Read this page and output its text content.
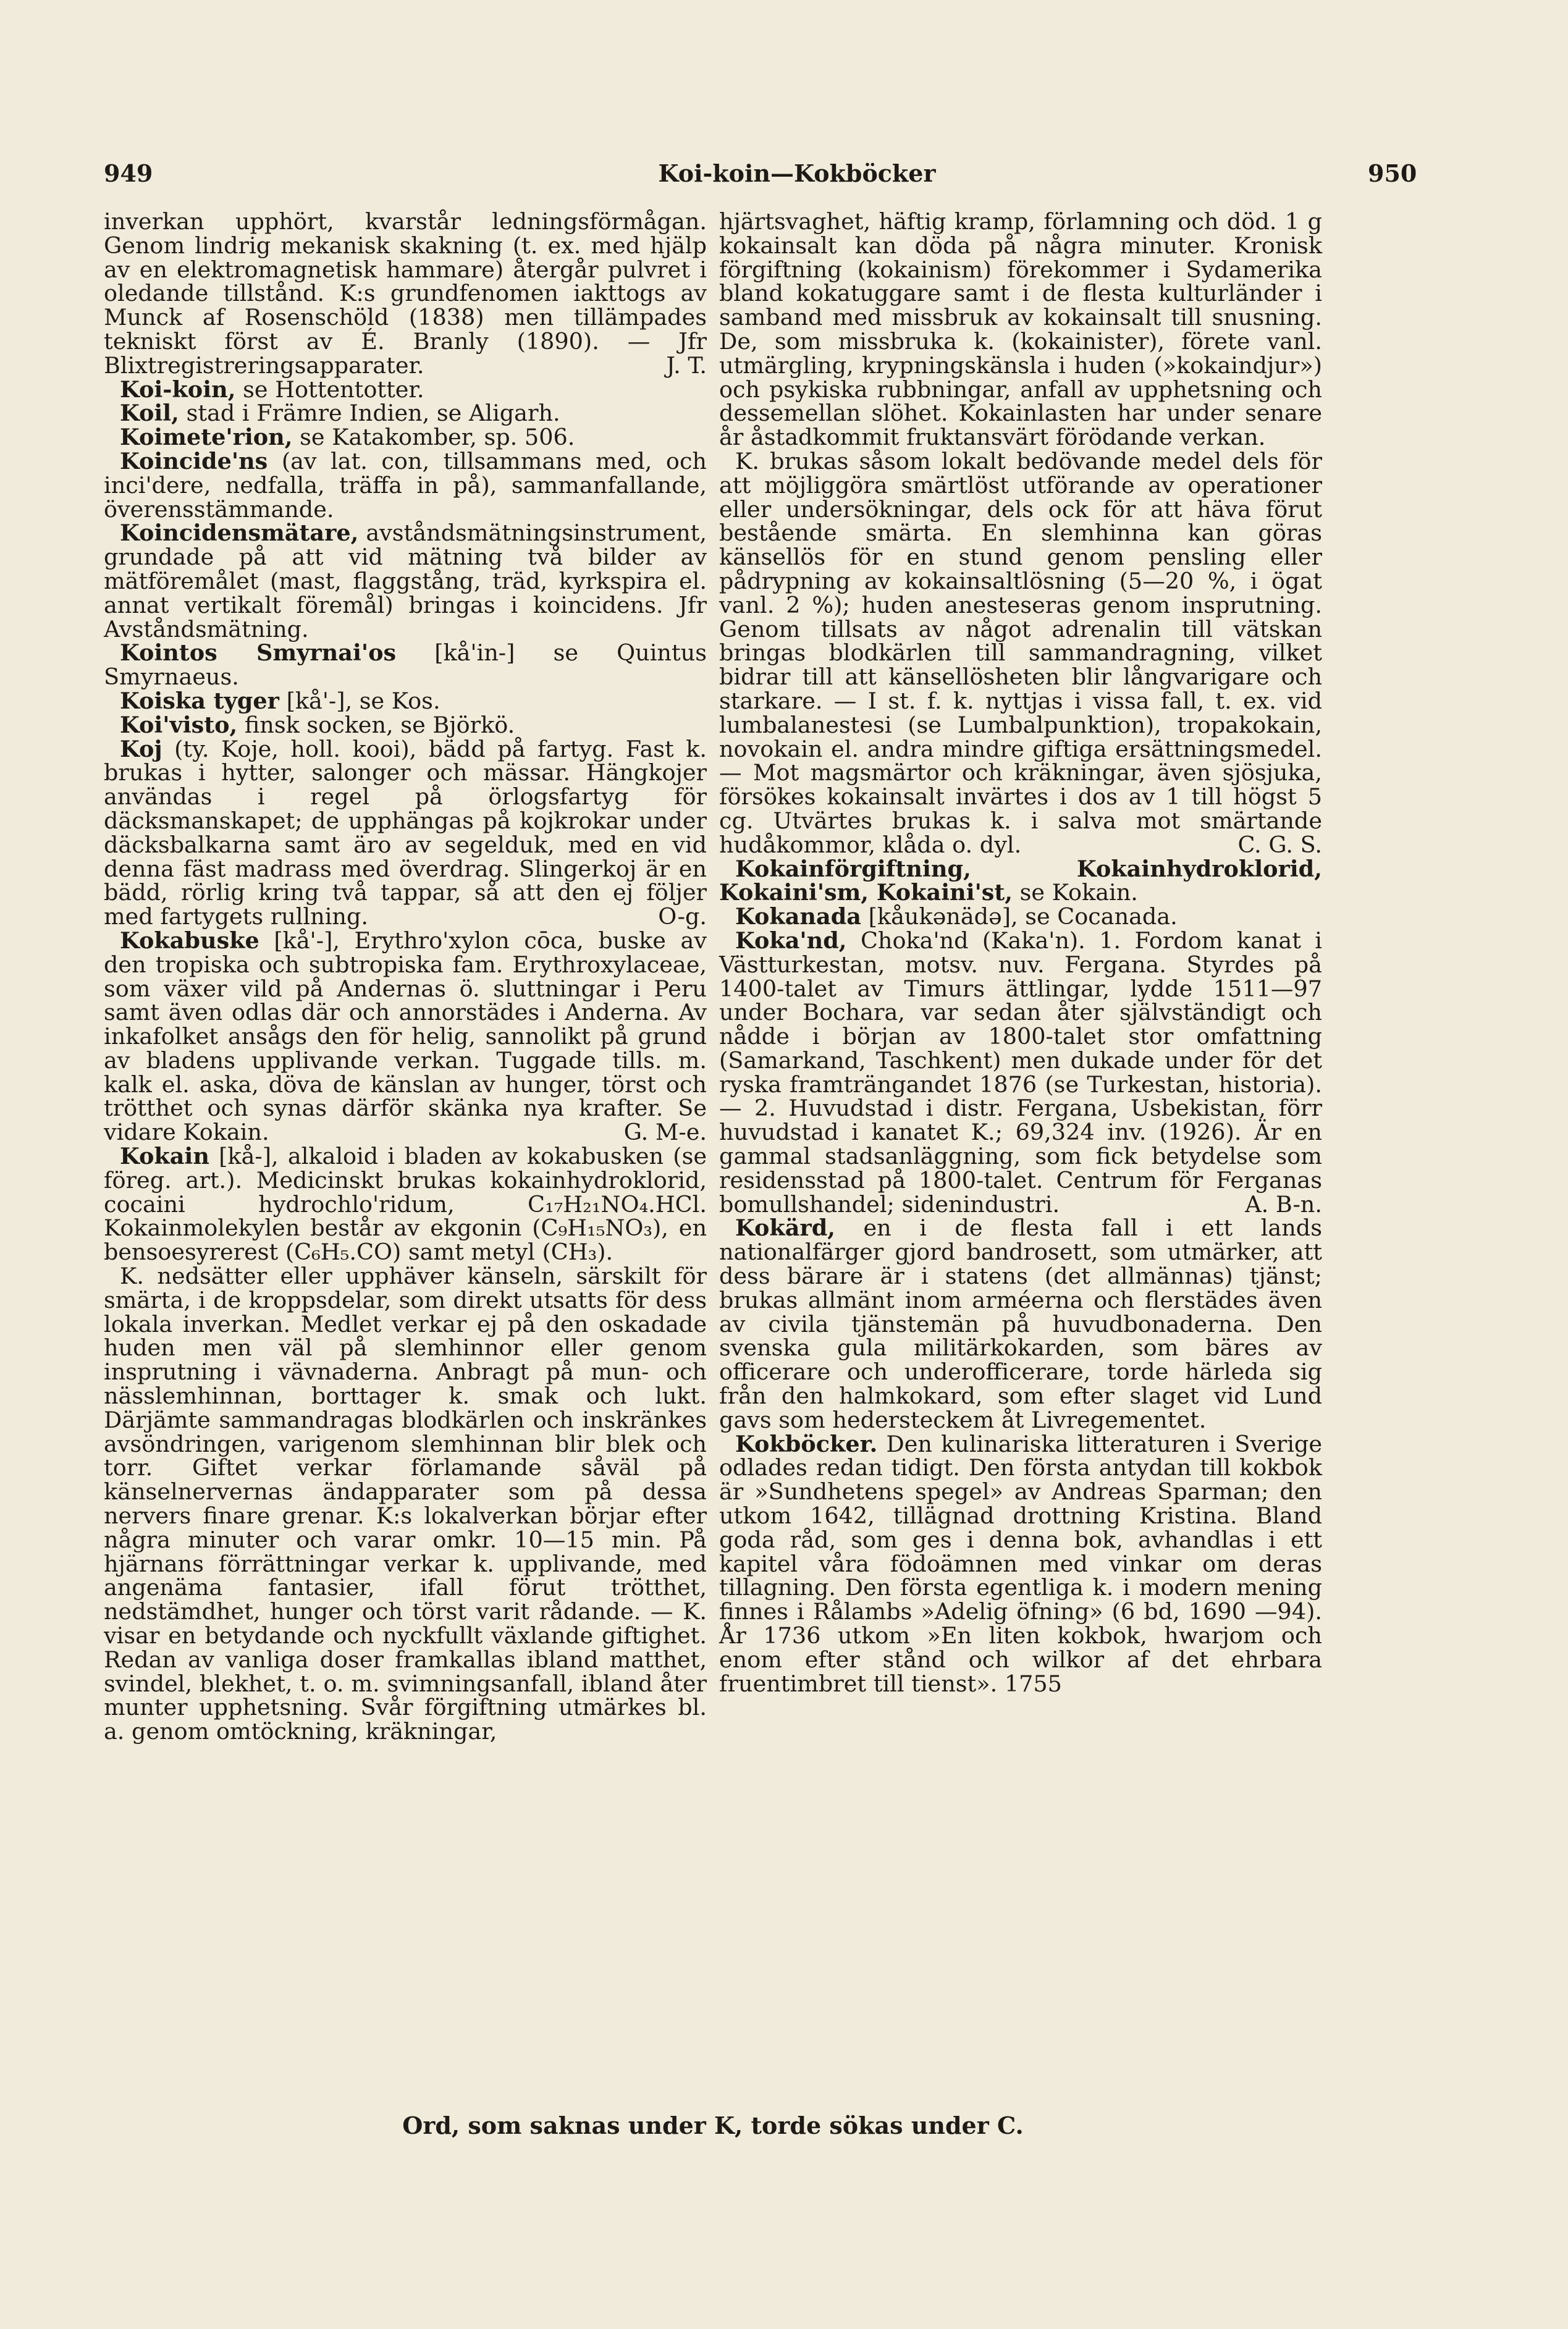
949	Koi-koin—Kokböcker	950

inverkan upphört, kvarstår ledningsförmågan. Genom lindrig mekanisk skakning (t. ex. med hjälp av en elektromagnetisk hammare) återgår pulvret i oledande tillstånd. K:s grundfenomen iakttogs av Munck af Rosenschöld (1838) men tillämpades tekniskt först av É. Branly (1890). — Jfr Blixtregistreringsapparater.	J. T.

Koi-koin, se Hottentotter.

Koil, stad i Främre Indien, se Aligarh.

Koimete'rion, se Katakomber, sp. 506.

Koincide'ns (av lat. con, tillsammans med, och inci'dere, nedfalla, träffa in på), sammanfallande, överensstämmande.

Koincidensmätare, avståndsmätningsinstrument, grundade på att vid mätning två bilder av mätföremålet (mast, flaggstång, träd, kyrkspira el. annat vertikalt föremål) bringas i koincidens. Jfr Avståndsmätning.

Kointos Smyrnai'os [kå'in-] se Quintus Smyrnaeus.

Koiska tyger [kå'-], se Kos.

Koi'visto, finsk socken, se Björkö.

Koj (ty. Koje, holl. kooi), bädd på fartyg. Fast k. brukas i hytter, salonger och mässar. Hängkojer användas i regel på örlogsfartyg för däcksmanskapet; de upphängas på kojkrokar under däcksbalkarna samt äro av segelduk, med en vid denna fäst madrass med överdrag. Slingerkoj är en bädd, rörlig kring två tappar, så att den ej följer med fartygets rullning.	O-g.

Kokabuske [kå'-], Erythro'xylon cōca, buske av den tropiska och subtropiska fam. Erythroxylaceae, som växer vild på Andernas ö. sluttningar i Peru samt även odlas där och annorstädes i Anderna. Av inkafolket ansågs den för helig, sannolikt på grund av bladens upplivande verkan. Tuggade tills. m. kalk el. aska, döva de känslan av hunger, törst och trötthet och synas därför skänka nya krafter. Se vidare Kokain.	G. M-e.

Kokain [kå-], alkaloid i bladen av kokabusken (se föreg. art.). Medicinskt brukas kokainhydroklorid, cocaini hydrochlo'ridum, C₁₇H₂₁NO₄.HCl. Kokainmolekylen består av ekgonin (C₉H₁₅NO₃), en bensoesyrerest (C₆H₅.CO) samt metyl (CH₃).

K. nedsätter eller upphäver känseln, särskilt för smärta, i de kroppsdelar, som direkt utsatts för dess lokala inverkan. Medlet verkar ej på den oskadade huden men väl på slemhinnor eller genom insprutning i vävnaderna. Anbragt på mun- och nässlemhinnan, borttager k. smak och lukt. Därjämte sammandragas blodkärlen och inskränkes avsöndringen, varigenom slemhinnan blir blek och torr. Giftet verkar förlamande såväl på känselnervernas ändapparater som på dessa nervers finare grenar. K:s lokalverkan börjar efter några minuter och varar omkr. 10—15 min. På hjärnans förrättningar verkar k. upplivande, med angenäma fantasier, ifall förut trötthet, nedstämdhet, hunger och törst varit rådande. — K. visar en betydande och nyckfullt växlande giftighet. Redan av vanliga doser framkallas ibland matthet, svindel, blekhet, t. o. m. svimningsanfall, ibland åter munter upphetsning. Svår förgiftning utmärkes bl. a. genom omtöckning, kräkningar,

hjärtsvaghet, häftig kramp, förlamning och död. 1 g kokainsalt kan döda på några minuter. Kronisk förgiftning (kokainism) förekommer i Sydamerika bland kokatuggare samt i de flesta kulturländer i samband med missbruk av kokainsalt till snusning. De, som missbruka k. (kokainister), förete vanl. utmärgling, krypningskänsla i huden (»kokaindjur») och psykiska rubbningar, anfall av upphetsning och dessemellan slöhet. Kokainlasten har under senare år åstadkommit fruktansvärt förödande verkan.

K. brukas såsom lokalt bedövande medel dels för att möjliggöra smärtlöst utförande av operationer eller undersökningar, dels ock för att häva förut bestående smärta. En slemhinna kan göras känsellös för en stund genom pensling eller pådrypning av kokainsaltlösning (5—20 %, i ögat vanl. 2 %); huden anesteseras genom insprutning. Genom tillsats av något adrenalin till vätskan bringas blodkärlen till sammandragning, vilket bidrar till att känsellösheten blir långvarigare och starkare. — I st. f. k. nyttjas i vissa fall, t. ex. vid lumbalanestesi (se Lumbalpunktion), tropakokain, novokain el. andra mindre giftiga ersättningsmedel. — Mot magsmärtor och kräkningar, även sjösjuka, försökes kokainsalt invärtes i dos av 1 till högst 5 cg. Utvärtes brukas k. i salva mot smärtande hudåkommor, klåda o. dyl.	C. G. S.

Kokainförgiftning, Kokainhydroklorid, Kokaini'sm, Kokaini'st, se Kokain.

Kokanada [kåukənädə], se Cocanada.

Koka'nd, Choka'nd (Kaka'n). 1. Fordom kanat i Västturkestan, motsv. nuv. Fergana. Styrdes på 1400-talet av Timurs ättlingar, lydde 1511—97 under Bochara, var sedan åter självständigt och nådde i början av 1800-talet stor omfattning (Samarkand, Taschkent) men dukade under för det ryska framträngandet 1876 (se Turkestan, historia). — 2. Huvudstad i distr. Fergana, Usbekistan, förr huvudstad i kanatet K.; 69,324 inv. (1926). Är en gammal stadsanläggning, som fick betydelse som residensstad på 1800-talet. Centrum för Ferganas bomullshandel; sidenindustri.	A. B-n.

Kokärd, en i de flesta fall i ett lands nationalfärger gjord bandrosett, som utmärker, att dess bärare är i statens (det allmännas) tjänst; brukas allmänt inom arméerna och flerstädes även av civila tjänstemän på huvudbonaderna. Den svenska gula militärkokarden, som bäres av officerare och underofficerare, torde härleda sig från den halmkokard, som efter slaget vid Lund gavs som hedersteckem åt Livregementet.

Kokböcker. Den kulinariska litteraturen i Sverige odlades redan tidigt. Den första antydan till kokbok är »Sundhetens spegel» av Andreas Sparman; den utkom 1642, tillägnad drottning Kristina. Bland goda råd, som ges i denna bok, avhandlas i ett kapitel våra födoämnen med vinkar om deras tillagning. Den första egentliga k. i modern mening finnes i Rålambs »Adelig öfning» (6 bd, 1690 —94). År 1736 utkom »En liten kokbok, hwarjom och enom efter stånd och wilkor af det ehrbara fruentimbret till tienst». 1755

Ord, som saknas under K, torde sökas under C.
